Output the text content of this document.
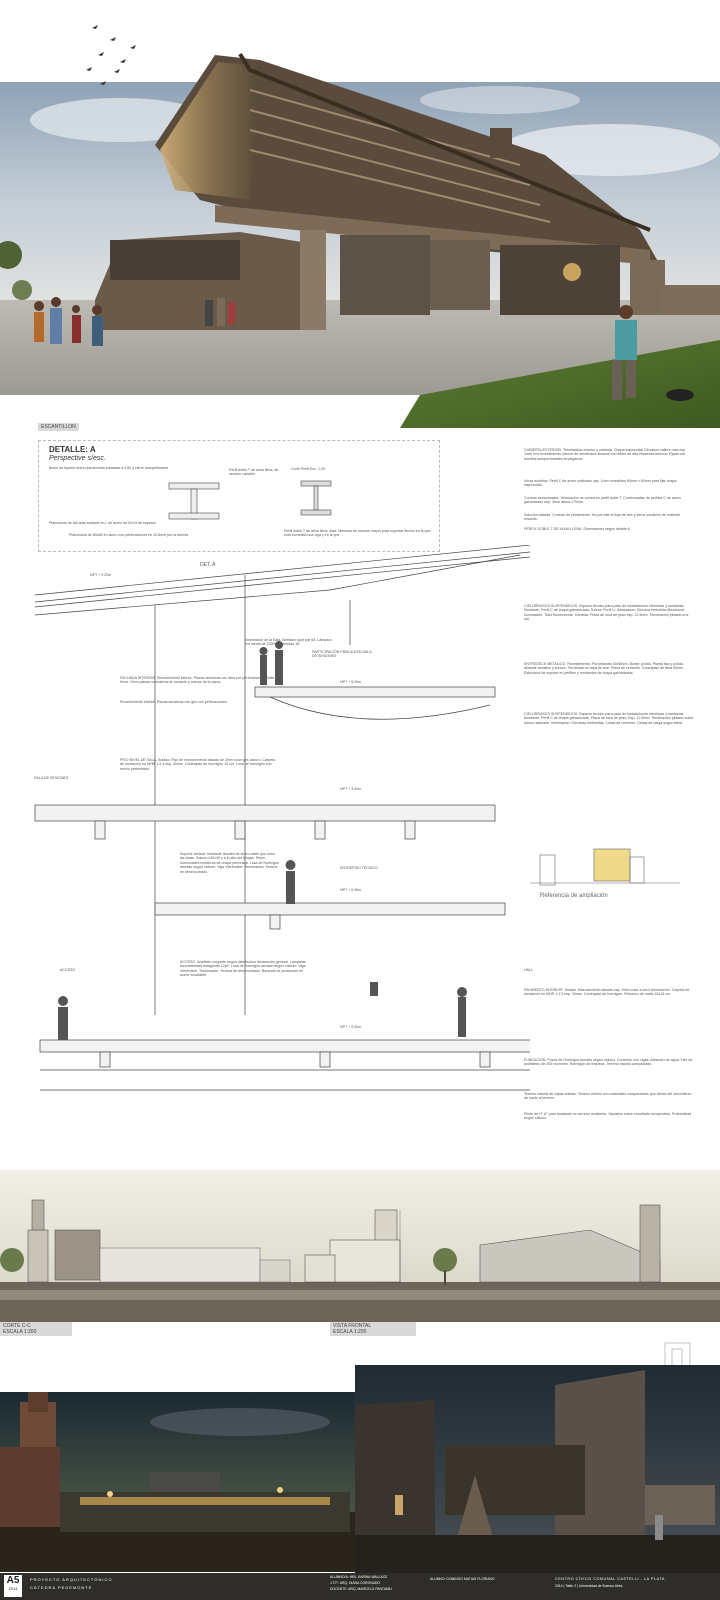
ESCANTILLON
DETALLE: A
Perspective s/esc.
Bulón de fijación entre planchuelas soldadas a 0,50 y cierre autoperforante	Perfil doble T de alma llena, de sección variable
Planchuela de fall-adar soldada en L de acero de 5x1/4 de espesor
Planchuela de 80x80 en acero con perforaciones en 20,8mm por la tuberia
Corte Perfil Esc. 1:25
Perfil doble T de alma llena. Alas: Ménsula de sección mayor para soportar flexión en la que está sometida una viga y en la que ...
DET. A
NPT + 9.20m
NPT + 5.00m
NPT + 3.50m
NPT + 0.00m
NPT + 0.00m
SALA DE SESIONES
PARTICIPACIÓN PÚBLICA EN SALA DE SESIONES
ENTREPISO TÉCNICO
ACCESO	HALL
Iluminación de la Sala. Artefacto spot par 64. Lámpara led media de 1000W. Cantidad 16.
FACHADA INTERIOR. Revestimiento interior: Placas acústicas con fibra por perforaciones. Bafle 5mm. Omni placas normativas al contacto y cuerpo de la placa.
Revestimiento interior: Placas acústicas con gris con perforaciones.
PISO NIVEL DE SALA. Solado: Piso de microcemento alisado de 2mm color gris oscuro. Carpeta de nivelación en MHR 1:3 3 esp. 30mm. Contrapiso de hormigón 10 cm. Losa de hormigón con nervio pretensado.
Soporte vertical: mediante tirantes de acero cable que unen las losas. Solera c/30x40 y a lo alto del bloque. Peine horizontales metálicos de chapa perforada. Losa de Hormigón armado según cálculo. Viga Vierendeel. Terminación: Textura de desencofrado.
ACCESO. Artefacto colgante según distribución iluminación general. Lámparas bicombinadas halógenas 12pV. Losa de Hormigón armado según cálculo. Viga Vierendeel. Terminación: Textura de desencofrado. Baranda de protección en acero inoxidable.
CUBIERTA EXTERIOR. Terminación exterior y cubierta. Chapa trapezoidal Cincalum calibre max esp 1mm con revestimiento interior de membrana aislante con fieltro de alta eficiencia térmica. Fijada con tornillos autoperforantes fenoligáicos
Viruta acústica. Perfil C de acero realizado cap. 1mm revestidos 60mm x 60mm para fijar chapa trapezoidal.
Correas estructurales. Vinculación de correa en perfil doble T. Conformadas de perfiles C de acero galvanizado esp. 3mm altura 170mm.
Solución aislada. Correas de cerramiento. No permite el flujo de aire y tierra condición de material resuelto.
PERFIL DOBLE T DE ALMA LLENA. Dimensiones según detalle A.
CIELORRASOS SUSPENDIDOS. Espacio técnico para paso de instalaciones eléctricas y sanitarias. Montante: Perfil C de chapa galvanizada. Solera: Perfil U. Iluminación: Dicroica embutida direccional. Iluminación: Tubo fluorescente. Cenefas: Placa de roca de yeso esp. 12,5mm. Terminación pintado a la cal.
ENTREDECK METALICO. Revestimiento: Porcellanato 60x60cm. Borde: pulido. Planta lisa y pulida. Aislante acústico y sonoro. Terminado en sala de aire. Placa de cemento. Contrapiso de fibra 60mm. Estructura de soporte en perfiles y montantes de chapa galvanizada.
CIELORRASOS SUSPENDIDOS. Espacio técnico para paso de instalaciones eléctricas y sanitarias. Montante: Perfil C de chapa galvanizada. Placa de roca de yeso. Esp. 12,5mm. Terminación pintado sobre blanco satinado. Iluminación: Dicroicas embutidas. Losas de cemento. Cintas de carga según tabla.
PAVIMENTO INTERIOR. Solado: Microcemento alisado esp. 2mm color a seco terminación. Carpeta de nivelación en MHR 1:1:3 esp. 30mm. Contrapiso de hormigón. Refuerzo de malla 15x15 cm.
FUNDACIÓN. Pozos de Hormigón armado según cálculo. Conexión con vigas. Aislación de agua: Film de polietileno de 200 micrones. Hormigón de limpieza. Terreno natural compactado.
Terreno natural de capas sólidas. Terreno relleno con materiales compactados que deriva del movimiento de suelo al terreno.
Pilote de H° A° para fundación en terreno resistente. Vaciados sobre encofrado recuperable. Profundidad según cálculo.
Referencia de ampliación
CORTE C-C
ESCALA 1:200
VISTA FRONTAL
ESCALA 1:200
A5
2014
PROYECTO ARQUITECTÓNICO
CÁTEDRA PEDEMONTE
ALUMNO/A: HEIL KARINA WALLACE
J.T.P.: ARQ. DIANA CORONADO
DOCENTE: ARQ. MARCELO PANTANILI
ALUMNO: DOMINGO MATIAS FLORIANO	CENTRO CÍVICO COMUNAL CASTELLI - LA PLATA
2014 | Taller 2 | Universidad de Buenos Aires
